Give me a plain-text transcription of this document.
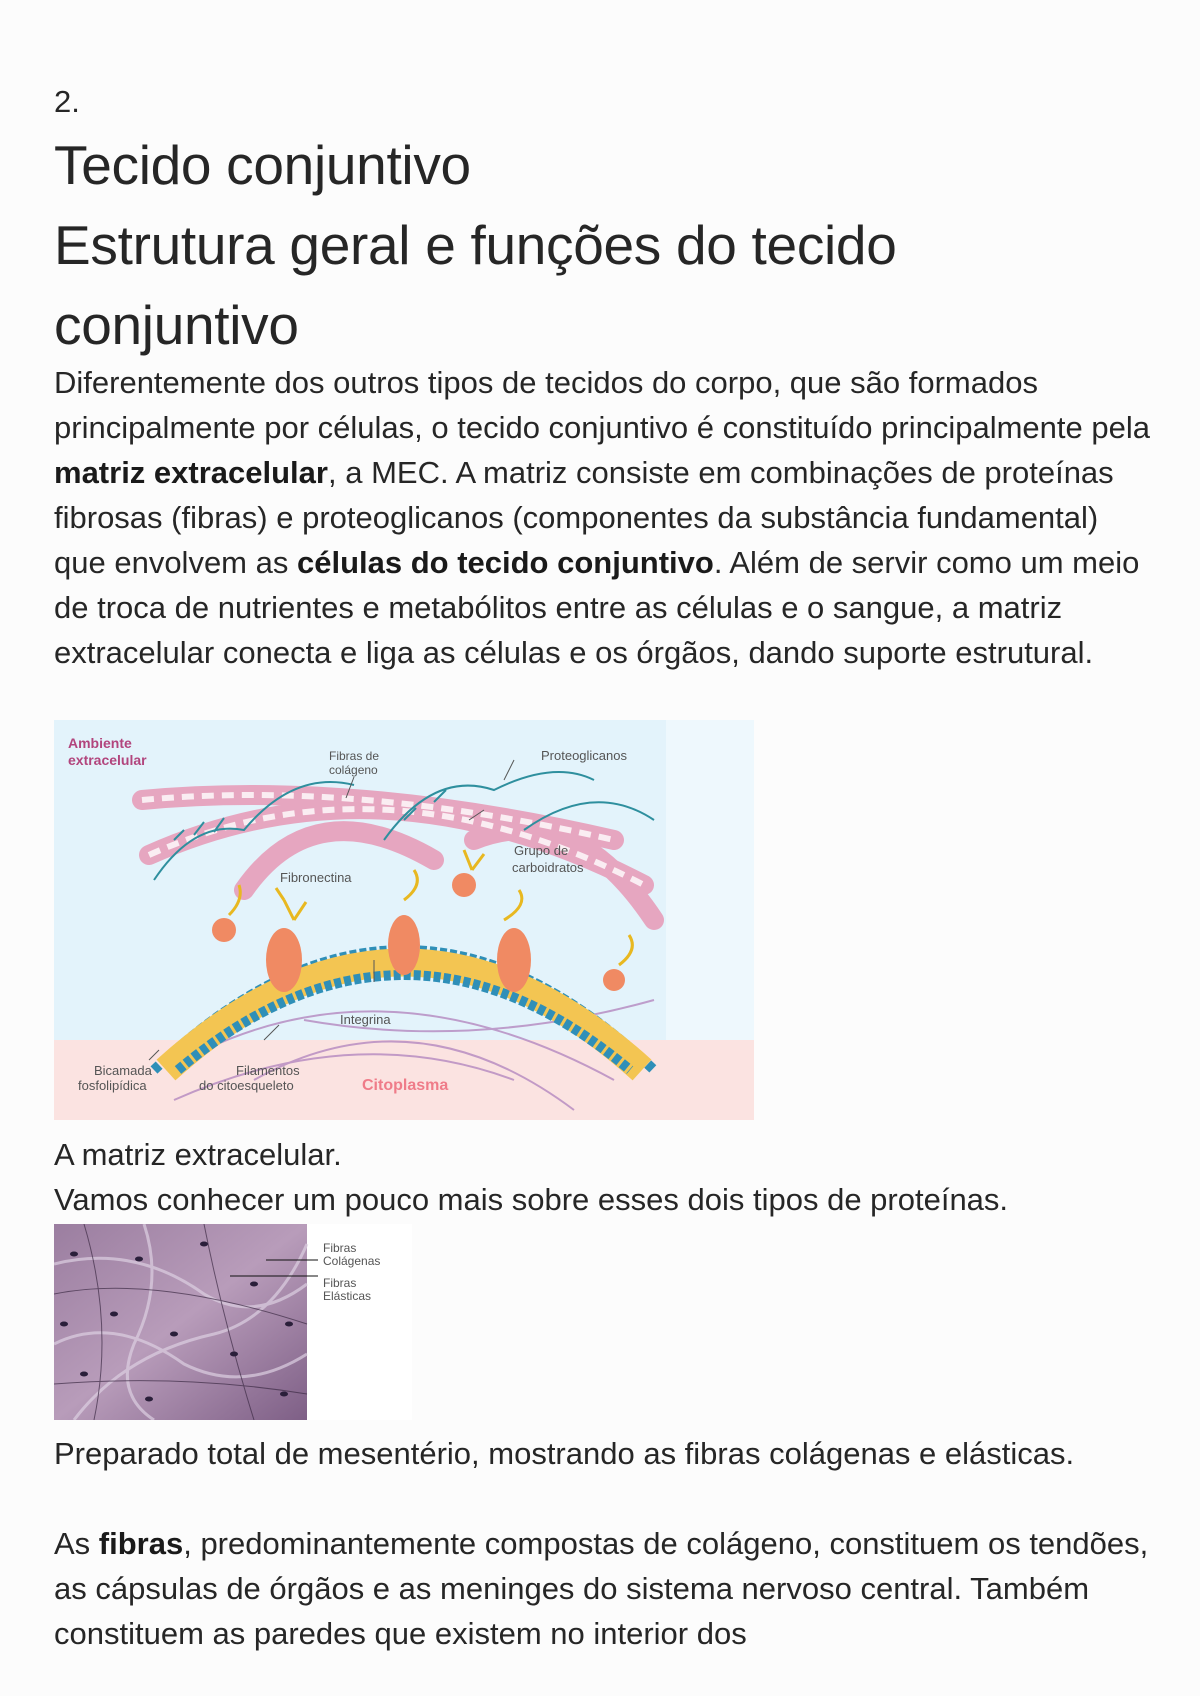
2.
Tecido conjuntivo
Estrutura geral e funções do tecido conjuntivo

Diferentemente dos outros tipos de tecidos do corpo, que são formados principalmente por células, o tecido conjuntivo é constituído principalmente pela matriz extracelular, a MEC. A matriz consiste em combinações de proteínas fibrosas (fibras) e proteoglicanos (componentes da substância fundamental) que envolvem as células do tecido conjuntivo. Além de servir como um meio de troca de nutrientes e metabólitos entre as células e o sangue, a matriz extracelular conecta e liga as células e os órgãos, dando suporte estrutural.

Ambiente
extracelular	Fibras de
colágeno
Proteoglicanos
Grupo de
carboidratos
Fibronectina
Integrina
Bicamada
fosfolipídica
Filamentos
do citoesqueleto	Citoplasma

A matriz extracelular.

Vamos conhecer um pouco mais sobre esses dois tipos de proteínas.

Fibras
Colágenas
Fibras
Elásticas

Preparado total de mesentério, mostrando as fibras colágenas e elásticas.

As fibras, predominantemente compostas de colágeno, constituem os tendões, as cápsulas de órgãos e as meninges do sistema nervoso central. Também constituem as paredes que existem no interior dos
